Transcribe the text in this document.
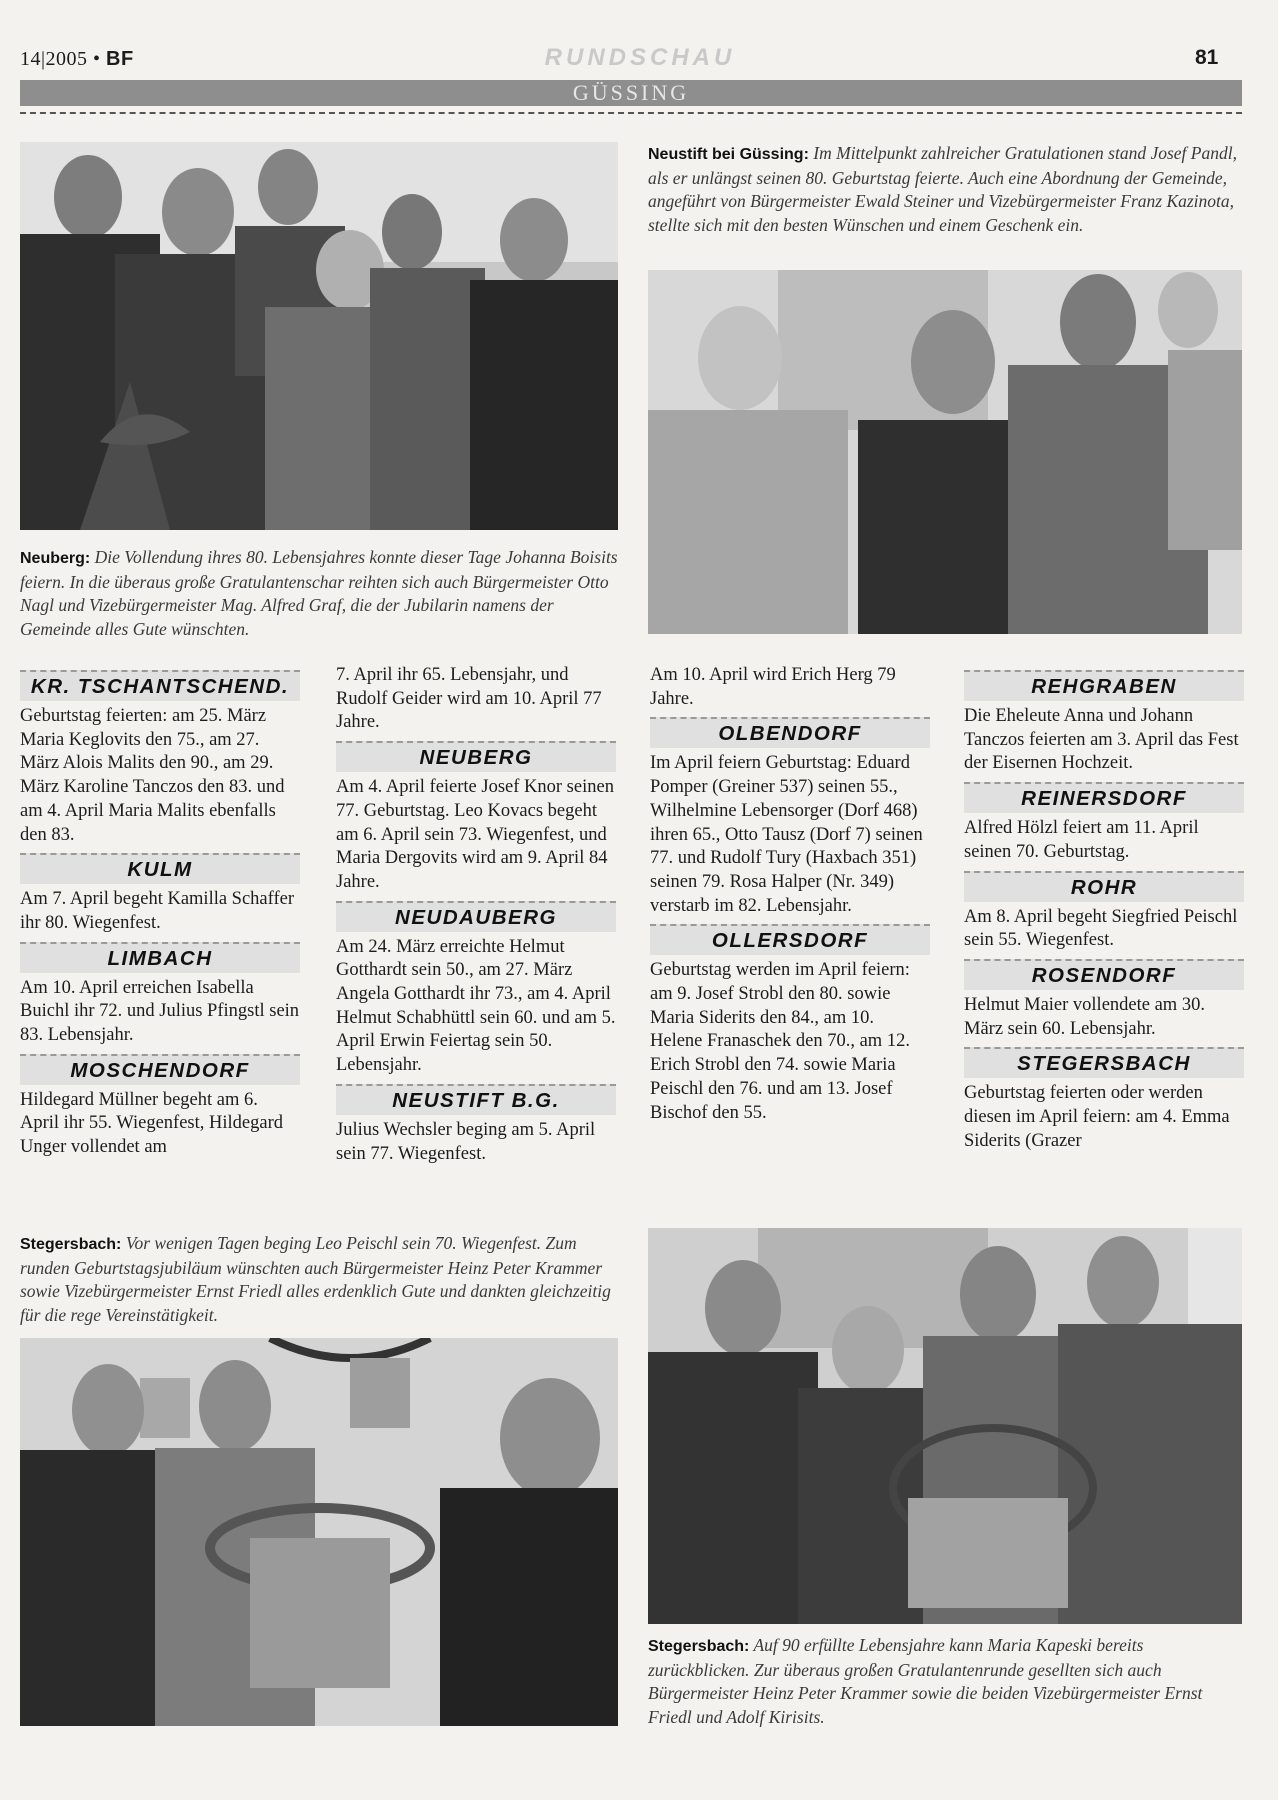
14|2005 • BF	RUNDSCHAU	81
GÜSSING
Neustift bei Güssing: Im Mittelpunkt zahlreicher Gratulationen stand Josef Pandl, als er unlängst seinen 80. Geburtstag feierte. Auch eine Abordnung der Gemeinde, angeführt von Bürgermeister Ewald Steiner und Vizebürgermeister Franz Kazinota, stellte sich mit den besten Wünschen und einem Geschenk ein.
Neuberg: Die Vollendung ihres 80. Lebensjahres konnte dieser Tage Johanna Boisits feiern. In die überaus große Gratulantenschar reihten sich auch Bürgermeister Otto Nagl und Vizebürgermeister Mag. Alfred Graf, die der Jubilarin namens der Gemeinde alles Gute wünschten.
KR. TSCHANTSCHEND.

Geburtstag feierten: am 25. März Maria Keglovits den 75., am 27. März Alois Malits den 90., am 29. März Karoline Tanczos den 83. und am 4. April Maria Malits ebenfalls den 83.

KULM

Am 7. April begeht Kamilla Schaffer ihr 80. Wiegenfest.

LIMBACH

Am 10. April erreichen Isabella Buichl ihr 72. und Julius Pfingstl sein 83. Lebensjahr.

MOSCHENDORF

Hildegard Müllner begeht am 6. April ihr 55. Wiegenfest, Hildegard Unger vollendet am

7. April ihr 65. Lebensjahr, und Rudolf Geider wird am 10. April 77 Jahre.

NEUBERG

Am 4. April feierte Josef Knor seinen 77. Geburtstag. Leo Kovacs begeht am 6. April sein 73. Wiegenfest, und Maria Dergovits wird am 9. April 84 Jahre.

NEUDAUBERG

Am 24. März erreichte Helmut Gotthardt sein 50., am 27. März Angela Gotthardt ihr 73., am 4. April Helmut Schabhüttl sein 60. und am 5. April Erwin Feiertag sein 50. Lebensjahr.

NEUSTIFT B.G.

Julius Wechsler beging am 5. April sein 77. Wiegenfest.

Am 10. April wird Erich Herg 79 Jahre.

OLBENDORF

Im April feiern Geburtstag: Eduard Pomper (Greiner 537) seinen 55., Wilhelmine Lebensorger (Dorf 468) ihren 65., Otto Tausz (Dorf 7) seinen 77. und Rudolf Tury (Haxbach 351) seinen 79. Rosa Halper (Nr. 349) verstarb im 82. Lebensjahr.

OLLERSDORF

Geburtstag werden im April feiern: am 9. Josef Strobl den 80. sowie Maria Siderits den 84., am 10. Helene Franaschek den 70., am 12. Erich Strobl den 74. sowie Maria Peischl den 76. und am 13. Josef Bischof den 55.

REHGRABEN

Die Eheleute Anna und Johann Tanczos feierten am 3. April das Fest der Eisernen Hochzeit.

REINERSDORF

Alfred Hölzl feiert am 11. April seinen 70. Geburtstag.

ROHR

Am 8. April begeht Siegfried Peischl sein 55. Wiegenfest.

ROSENDORF

Helmut Maier vollendete am 30. März sein 60. Lebensjahr.

STEGERSBACH

Geburtstag feierten oder werden diesen im April feiern: am 4. Emma Siderits (Grazer

Stegersbach: Vor wenigen Tagen beging Leo Peischl sein 70. Wiegenfest. Zum runden Geburtstagsjubiläum wünschten auch Bürgermeister Heinz Peter Krammer sowie Vizebürgermeister Ernst Friedl alles erdenklich Gute und dankten gleichzeitig für die rege Vereinstätigkeit.
Stegersbach: Auf 90 erfüllte Lebensjahre kann Maria Kapeski bereits zurückblicken. Zur überaus großen Gratulantenrunde gesellten sich auch Bürgermeister Heinz Peter Krammer sowie die beiden Vizebürgermeister Ernst Friedl und Adolf Kirisits.
